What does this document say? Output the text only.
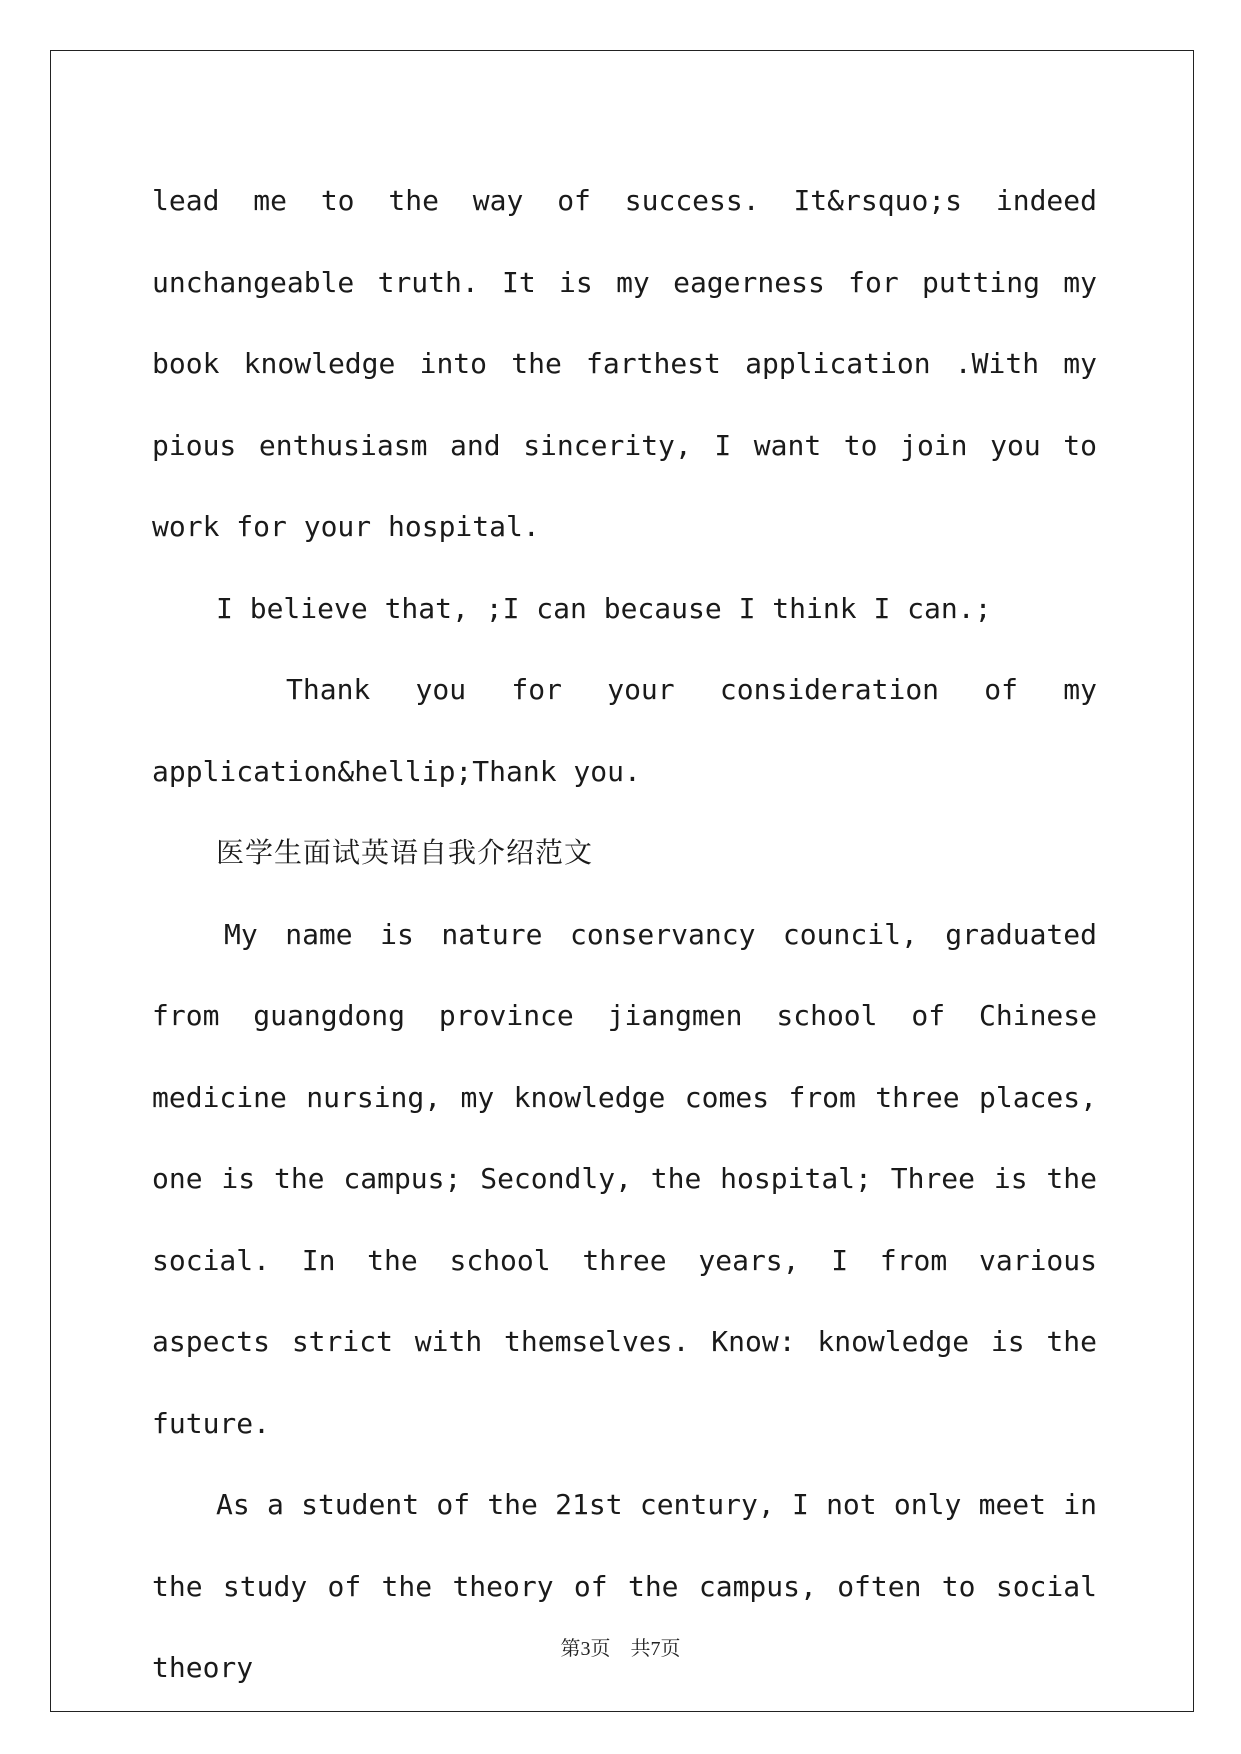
lead me to the way of success. It&rsquo;s indeed unchangeable truth. It is my eagerness for putting my book knowledge into the farthest application .With my pious enthusiasm and sincerity, I want to join you to work for your hospital.

I believe that, ;I can because I think I can.;

Thank you for your consideration of my application&hellip;Thank you.

医学生面试英语自我介绍范文

My name is nature conservancy council, graduated from guangdong province jiangmen school of Chinese medicine nursing, my knowledge comes from three places, one is the campus; Secondly, the hospital; Three is the social. In the school three years, I from various aspects strict with themselves. Know: knowledge is the future.

As a student of the 21st century, I not only meet in the study of the theory of the campus, often to social theory

第3页　共7页
